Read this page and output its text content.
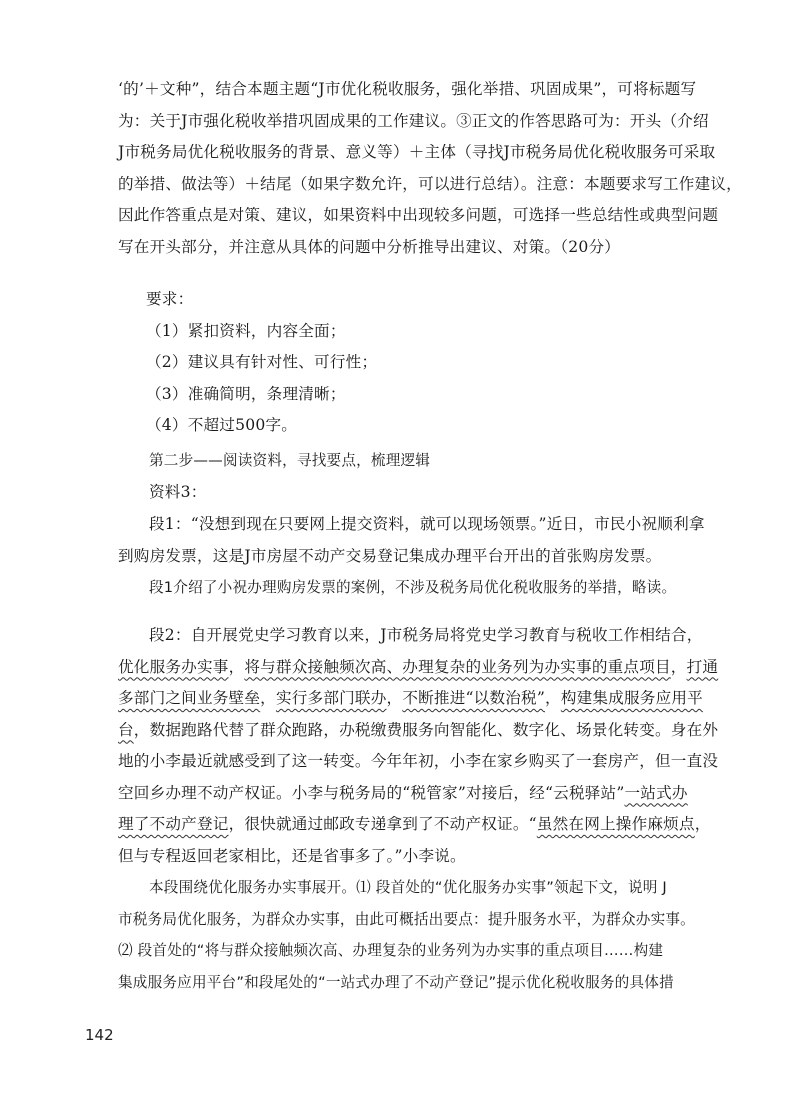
‘的’＋文种”，结合本题主题“J市优化税收服务，强化举措、巩固成果”，可将标题写
为：关于J市强化税收举措巩固成果的工作建议。③正文的作答思路可为：开头（介绍
J市税务局优化税收服务的背景、意义等）＋主体（寻找J市税务局优化税收服务可采取
的举措、做法等）＋结尾（如果字数允许，可以进行总结）。注意：本题要求写工作建议，
因此作答重点是对策、建议，如果资料中出现较多问题，可选择一些总结性或典型问题
写在开头部分，并注意从具体的问题中分析推导出建议、对策。（20分）
要求：
（1）紧扣资料，内容全面；
（2）建议具有针对性、可行性；
（3）准确简明，条理清晰；
（4）不超过500字。
第二步——阅读资料，寻找要点，梳理逻辑
资料3：
段1：“没想到现在只要网上提交资料，就可以现场领票。”近日，市民小祝顺利拿
到购房发票，这是J市房屋不动产交易登记集成办理平台开出的首张购房发票。
段1介绍了小祝办理购房发票的案例，不涉及税务局优化税收服务的举措，略读。
段2：自开展党史学习教育以来，J市税务局将党史学习教育与税收工作相结合，
优化服务办实事，将与群众接触频次高、办理复杂的业务列为办实事的重点项目，打通
多部门之间业务壁垒，实行多部门联办，不断推进“以数治税”，构建集成服务应用平
台，数据跑路代替了群众跑路，办税缴费服务向智能化、数字化、场景化转变。身在外
地的小李最近就感受到了这一转变。今年年初，小李在家乡购买了一套房产，但一直没
空回乡办理不动产权证。小李与税务局的“税管家”对接后，经“云税驿站”一站式办
理了不动产登记，很快就通过邮政专递拿到了不动产权证。“虽然在网上操作麻烦点，
但与专程返回老家相比，还是省事多了。”小李说。
本段围绕优化服务办实事展开。⑴ 段首处的“优化服务办实事”领起下文，说明 J
市税务局优化服务，为群众办实事，由此可概括出要点：提升服务水平，为群众办实事。
⑵ 段首处的“将与群众接触频次高、办理复杂的业务列为办实事的重点项目……构建
集成服务应用平台”和段尾处的“一站式办理了不动产登记”提示优化税收服务的具体措
142
